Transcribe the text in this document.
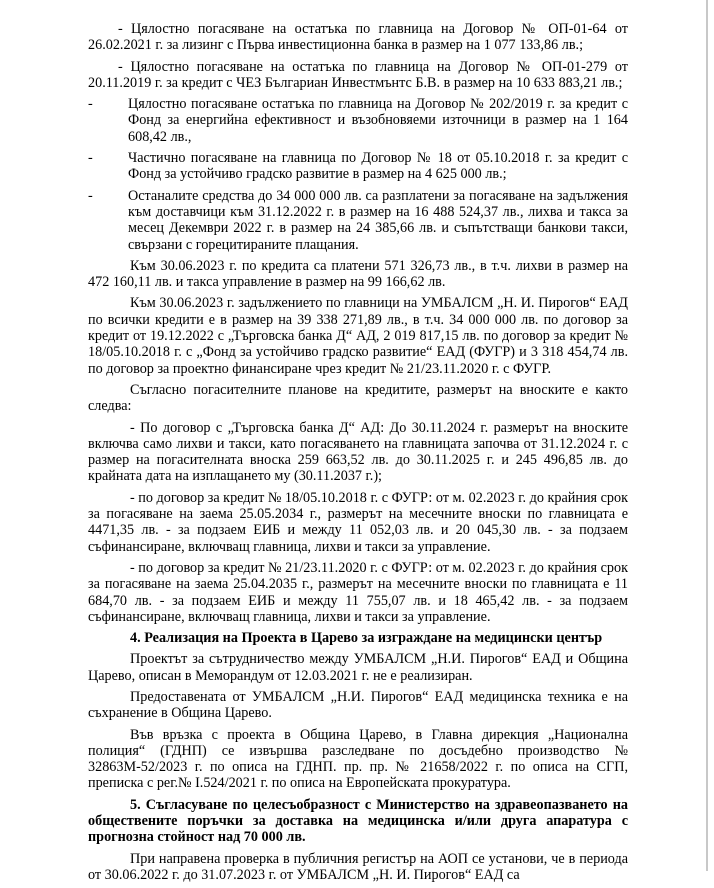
- Цялостно погасяване на остатъка по главница на Договор № ОП-01-64 от 26.02.2021 г. за лизинг с Първа инвестиционна банка в размер на 1 077 133,86 лв.;

- Цялостно погасяване на остатъка по главница на Договор № ОП-01-279 от 20.11.2019 г. за кредит с ЧЕЗ Българиан Инвестмънтс Б.В. в размер на 10 633 883,21 лв.;

-	Цялостно погасяване остатъка по главница на Договор № 202/2019 г. за кредит с Фонд за енергийна ефективност и възобновяеми източници в размер на 1 164 608,42 лв.,
-	Частично погасяване на главница по Договор № 18 от 05.10.2018 г. за кредит с Фонд за устойчиво градско развитие в размер на 4 625 000 лв.;
-	Останалите средства до 34 000 000 лв. са разплатени за погасяване на задължения към доставчици към 31.12.2022 г. в размер на 16 488 524,37 лв., лихва и такса за месец Декември 2022 г. в размер на 24 385,66 лв. и съпътстващи банкови такси, свързани с горецитираните плащания.

Към 30.06.2023 г. по кредита са платени 571 326,73 лв., в т.ч. лихви в размер на 472 160,11 лв. и такса управление в размер на 99 166,62 лв.

Към 30.06.2023 г. задължението по главници на УМБАЛСМ „Н. И. Пирогов“ ЕАД по всички кредити е в размер на 39 338 271,89 лв., в т.ч. 34 000 000 лв. по договор за кредит от 19.12.2022 с „Търговска банка Д“ АД, 2 019 817,15 лв. по договор за кредит № 18/05.10.2018 г. с „Фонд за устойчиво градско развитие“ ЕАД (ФУГР) и 3 318 454,74 лв. по договор за проектно финансиране чрез кредит № 21/23.11.2020 г. с ФУГР.

Съгласно погасителните планове на кредитите, размерът на вноските е както следва:

- По договор с „Търговска банка Д“ АД: До 30.11.2024 г. размерът на вноските включва само лихви и такси, като погасяването на главницата започва от 31.12.2024 г. с размер на погасителната вноска 259 663,52 лв. до 30.11.2025 г. и 245 496,85 лв. до крайната дата на изплащането му (30.11.2037 г.);

- по договор за кредит № 18/05.10.2018 г. с ФУГР: от м. 02.2023 г. до крайния срок за погасяване на заема 25.05.2034 г., размерът на месечните вноски по главницата е 4471,35 лв. - за подзаем ЕИБ и между 11 052,03 лв. и 20 045,30 лв. - за подзаем съфинансиране, включващ главница, лихви и такси за управление.

- по договор за кредит № 21/23.11.2020 г. с ФУГР: от м. 02.2023 г. до крайния срок за погасяване на заема 25.04.2035 г., размерът на месечните вноски по главницата е 11 684,70 лв. - за подзаем ЕИБ и между 11 755,07 лв. и 18 465,42 лв. - за подзаем съфинансиране, включващ главница, лихви и такси за управление.

4. Реализация на Проекта в Царево за изграждане на медицински център

Проектът за сътрудничество между УМБАЛСМ „Н.И. Пирогов“ ЕАД и Община Царево, описан в Меморандум от 12.03.2021 г. не е реализиран.

Предоставената от УМБАЛСМ „Н.И. Пирогов“ ЕАД медицинска техника е на съхранение в Община Царево.

Във връзка с проекта в Община Царево, в Главна дирекция „Национална полиция“ (ГДНП) се извършва разследване по досъдебно производство № 32863М-52/2023 г. по описа на ГДНП. пр. пр. № 21658/2022 г. по описа на СГП, преписка с рег.№ I.524/2021 г. по описа на Европейската прокуратура.

5. Съгласуване по целесъобразност с Министерство на здравеопазването на обществените поръчки за доставка на медицинска и/или друга апаратура с прогнозна стойност над 70 000 лв.

При направена проверка в публичния регистър на АОП се установи, че в периода от 30.06.2022 г. до 31.07.2023 г. от УМБАЛСМ „Н. И. Пирогов“ ЕАД са
